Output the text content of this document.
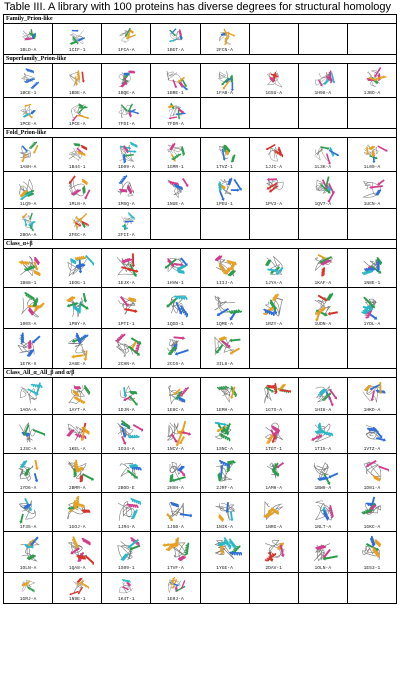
Table III. A library with 100 proteins has diverse degrees for structural homology
Family_Prion-like							

1BLD-A	1CIF-1	1FCA-A	1BGT-A	2FCN-A			

Superfamily_Prion-like							

1BCE-1	1BDE-A	1BQE-A	1BRE-1	1FAB-A	1G5U-A	1H98-A	1JBO-A

1PCE-A	1PCE-A	7FDI-A	7FDR-A				

Fold_Prion-like							

1A8H-A	1B44-1	1D09-A	1GMR-1	1TVZ-1	1JJC-A	1L3K-A	1L00-A

1LQ9-A	1MLN-A	1MSQ-A	1NUE-A	1PEU-1	1PV3-A	1QV7-A	1UCN-A

2BOA-A	2FEC-A	2FII-A					

Class_α+β							

1B88-1	1EOG-1	1EJX-A	1HVW-1	1IIJ-A	1JYA-A	1KAF-A	1N8E-1

100S-A	1PBY-A	1PTI-1	1QGD-1	1QME-A	1RZY-A	1UDN-A	1YDL-A

1E7K-X	2A8E-A	2CHN-A	2CC6-A	3IL8-A			

Class_All_α_All_β and α/β							

1AOA-A	1AYT-A	1DJN-A	1E8C-A	1EMH-A	1G7S-A	1HI8-A	1HKD-A

1JSC-A	1KEL-A	1O34-A	1NCV-A	1SNC-A	1TGT-1	1TI5-A	1VTZ-A

1YD6-A	2BMR-A	2BOD-E	2HXH-A	2JRF-A	1AMH-A	1BW9-A	1D01-A

1F35-A	1GOJ-A	1JR4-A	1J5B-A	1NIK-A	1NRG-A	1NLT-A	1GKC-A

1OLN-A	1QA8-A	1S09-1	1TVF-A	1YGE-A	2DAV-1	1OLN-A	1E53-1

1GRJ-A	1N9E-1	1K4T-1	1E0J-A				
